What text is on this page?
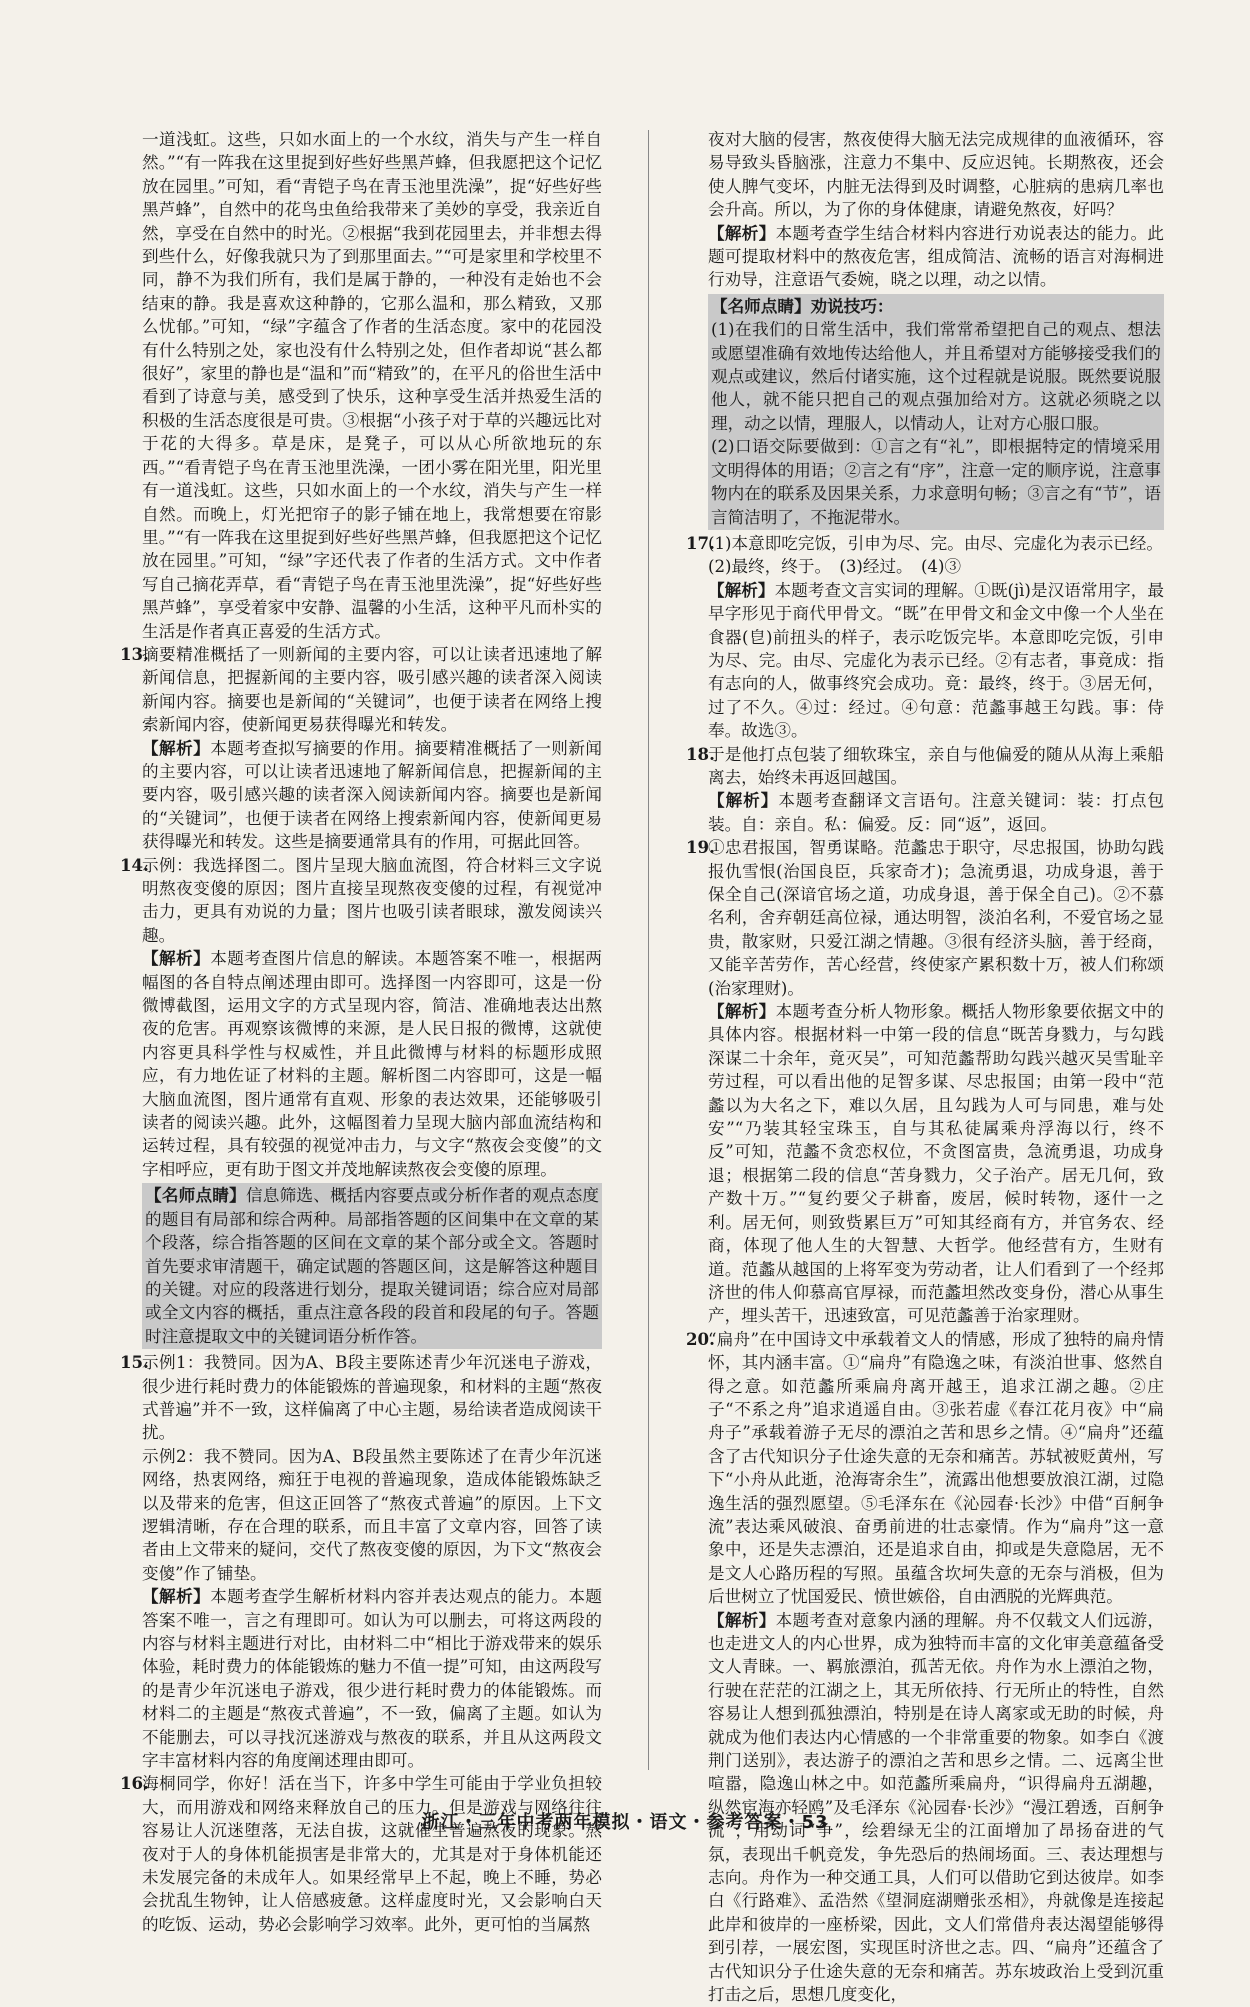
一道浅虹。这些，只如水面上的一个水纹，消失与产生一样自然。”“有一阵我在这里捉到好些好些黑芦蜂，但我愿把这个记忆放在园里。”可知，看“青铠子鸟在青玉池里洗澡”，捉“好些好些黑芦蜂”，自然中的花鸟虫鱼给我带来了美妙的享受，我亲近自然，享受在自然中的时光。②根据“我到花园里去，并非想去得到些什么，好像我就只为了到那里面去。”“可是家里和学校里不同，静不为我们所有，我们是属于静的，一种没有走始也不会结束的静。我是喜欢这种静的，它那么温和，那么精致，又那么忧郁。”可知，“绿”字蕴含了作者的生活态度。家中的花园没有什么特别之处，家也没有什么特别之处，但作者却说“甚么都很好”，家里的静也是“温和”而“精致”的，在平凡的俗世生活中看到了诗意与美，感受到了快乐，这种享受生活并热爱生活的积极的生活态度很是可贵。③根据“小孩子对于草的兴趣远比对于花的大得多。草是床，是凳子，可以从心所欲地玩的东西。”“看青铠子鸟在青玉池里洗澡，一团小雾在阳光里，阳光里有一道浅虹。这些，只如水面上的一个水纹，消失与产生一样自然。而晚上，灯光把帘子的影子铺在地上，我常想要在帘影里。”“有一阵我在这里捉到好些好些黑芦蜂，但我愿把这个记忆放在园里。”可知，“绿”字还代表了作者的生活方式。文中作者写自己摘花弄草，看“青铠子鸟在青玉池里洗澡”，捉“好些好些黑芦蜂”，享受着家中安静、温馨的小生活，这种平凡而朴实的生活是作者真正喜爱的生活方式。

13.

摘要精准概括了一则新闻的主要内容，可以让读者迅速地了解新闻信息，把握新闻的主要内容，吸引感兴趣的读者深入阅读新闻内容。摘要也是新闻的“关键词”，也便于读者在网络上搜索新闻内容，使新闻更易获得曝光和转发。

【解析】本题考查拟写摘要的作用。摘要精准概括了一则新闻的主要内容，可以让读者迅速地了解新闻信息，把握新闻的主要内容，吸引感兴趣的读者深入阅读新闻内容。摘要也是新闻的“关键词”，也便于读者在网络上搜索新闻内容，使新闻更易获得曝光和转发。这些是摘要通常具有的作用，可据此回答。

14.

示例：我选择图二。图片呈现大脑血流图，符合材料三文字说明熬夜变傻的原因；图片直接呈现熬夜变傻的过程，有视觉冲击力，更具有劝说的力量；图片也吸引读者眼球，激发阅读兴趣。

【解析】本题考查图片信息的解读。本题答案不唯一，根据两幅图的各自特点阐述理由即可。选择图一内容即可，这是一份微博截图，运用文字的方式呈现内容，简洁、准确地表达出熬夜的危害。再观察该微博的来源，是人民日报的微博，这就使内容更具科学性与权威性，并且此微博与材料的标题形成照应，有力地佐证了材料的主题。解析图二内容即可，这是一幅大脑血流图，图片通常有直观、形象的表达效果，还能够吸引读者的阅读兴趣。此外，这幅图着力呈现大脑内部血流结构和运转过程，具有较强的视觉冲击力，与文字“熬夜会变傻”的文字相呼应，更有助于图文并茂地解读熬夜会变傻的原理。

【名师点睛】信息筛选、概括内容要点或分析作者的观点态度的题目有局部和综合两种。局部指答题的区间集中在文章的某个段落，综合指答题的区间在文章的某个部分或全文。答题时首先要求审清题干，确定试题的答题区间，这是解答这种题目的关键。对应的段落进行划分，提取关键词语；综合应对局部或全文内容的概括，重点注意各段的段首和段尾的句子。答题时注意提取文中的关键词语分析作答。

15.

示例1：我赞同。因为A、B段主要陈述青少年沉迷电子游戏，很少进行耗时费力的体能锻炼的普遍现象，和材料的主题“熬夜式普遍”并不一致，这样偏离了中心主题，易给读者造成阅读干扰。

示例2：我不赞同。因为A、B段虽然主要陈述了在青少年沉迷网络，热衷网络，痴狂于电视的普遍现象，造成体能锻炼缺乏以及带来的危害，但这正回答了“熬夜式普遍”的原因。上下文逻辑清晰，存在合理的联系，而且丰富了文章内容，回答了读者由上文带来的疑问，交代了熬夜变傻的原因，为下文“熬夜会变傻”作了铺垫。

【解析】本题考查学生解析材料内容并表达观点的能力。本题答案不唯一，言之有理即可。如认为可以删去，可将这两段的内容与材料主题进行对比，由材料二中“相比于游戏带来的娱乐体验，耗时费力的体能锻炼的魅力不值一提”可知，由这两段写的是青少年沉迷电子游戏，很少进行耗时费力的体能锻炼。而材料二的主题是“熬夜式普遍”，不一致，偏离了主题。如认为不能删去，可以寻找沉迷游戏与熬夜的联系，并且从这两段文字丰富材料内容的角度阐述理由即可。

16.

海桐同学，你好！活在当下，许多中学生可能由于学业负担较大，而用游戏和网络来释放自己的压力。但是游戏与网络往往容易让人沉迷堕落，无法自拔，这就催生普遍熬夜的现象。熬夜对于人的身体机能损害是非常大的，尤其是对于身体机能还未发展完备的未成年人。如果经常早上不起，晚上不睡，势必会扰乱生物钟，让人倍感疲惫。这样虚度时光，又会影响白天的吃饭、运动，势必会影响学习效率。此外，更可怕的当属熬

夜对大脑的侵害，熬夜使得大脑无法完成规律的血液循环，容易导致头昏脑涨，注意力不集中、反应迟钝。长期熬夜，还会使人脾气变坏，内脏无法得到及时调整，心脏病的患病几率也会升高。所以，为了你的身体健康，请避免熬夜，好吗？

【解析】本题考查学生结合材料内容进行劝说表达的能力。此题可提取材料中的熬夜危害，组成简洁、流畅的语言对海桐进行劝导，注意语气委婉，晓之以理，动之以情。

【名师点睛】劝说技巧：

(1)在我们的日常生活中，我们常常希望把自己的观点、想法或愿望准确有效地传达给他人，并且希望对方能够接受我们的观点或建议，然后付诸实施，这个过程就是说服。既然要说服他人，就不能只把自己的观点强加给对方。这就必须晓之以理，动之以情，理服人，以情动人，让对方心服口服。

(2)口语交际要做到：①言之有“礼”，即根据特定的情境采用文明得体的用语；②言之有“序”，注意一定的顺序说，注意事物内在的联系及因果关系，力求意明句畅；③言之有“节”，语言简洁明了，不拖泥带水。

17.

(1)本意即吃完饭，引申为尽、完。由尽、完虚化为表示已经。

(2)最终，终于。　(3)经过。　(4)③

【解析】本题考查文言实词的理解。①既(jì)是汉语常用字，最早字形见于商代甲骨文。“既”在甲骨文和金文中像一个人坐在食器(皀)前扭头的样子，表示吃饭完毕。本意即吃完饭，引申为尽、完。由尽、完虚化为表示已经。②有志者，事竟成：指有志向的人，做事终究会成功。竟：最终，终于。③居无何，过了不久。④过：经过。④句意：范蠡事越王勾践。事：侍奉。故选③。

18.

于是他打点包装了细软珠宝，亲自与他偏爱的随从从海上乘船离去，始终未再返回越国。

【解析】本题考查翻译文言语句。注意关键词：装：打点包装。自：亲自。私：偏爱。反：同“返”，返回。

19.

①忠君报国，智勇谋略。范蠡忠于职守，尽忠报国，协助勾践报仇雪恨(治国良臣，兵家奇才)；急流勇退，功成身退，善于保全自己(深谙官场之道，功成身退，善于保全自己)。②不慕名利，舍弃朝廷高位禄，通达明智，淡泊名利，不爱官场之显贵，散家财，只爱江湖之情趣。③很有经济头脑，善于经商，又能辛苦劳作，苦心经营，终使家产累积数十万，被人们称颂(治家理财)。

【解析】本题考查分析人物形象。概括人物形象要依据文中的具体内容。根据材料一中第一段的信息“既苦身戮力，与勾践深谋二十余年，竟灭吴”，可知范蠡帮助勾践兴越灭吴雪耻辛劳过程，可以看出他的足智多谋、尽忠报国；由第一段中“范蠡以为大名之下，难以久居，且勾践为人可与同患，难与处安”“乃装其轻宝珠玉，自与其私徒属乘舟浮海以行，终不反”可知，范蠡不贪恋权位，不贪图富贵，急流勇退，功成身退；根据第二段的信息“苦身戮力，父子治产。居无几何，致产数十万。”“复约要父子耕畜，废居，候时转物，逐什一之利。居无何，则致赀累巨万”可知其经商有方，并官务农、经商，体现了他人生的大智慧、大哲学。他经营有方，生财有道。范蠡从越国的上将军变为劳动者，让人们看到了一个经邦济世的伟人仰慕高官厚禄，而范蠡坦然改变身份，潜心从事生产，埋头苦干，迅速致富，可见范蠡善于治家理财。

20.

“扁舟”在中国诗文中承载着文人的情感，形成了独特的扁舟情怀，其内涵丰富。①“扁舟”有隐逸之味，有淡泊世事、悠然自得之意。如范蠡所乘扁舟离开越王，追求江湖之趣。②庄子“不系之舟”追求逍遥自由。③张若虚《春江花月夜》中“扁舟子”承载着游子无尽的漂泊之苦和思乡之情。④“扁舟”还蕴含了古代知识分子仕途失意的无奈和痛苦。苏轼被贬黄州，写下“小舟从此逝，沧海寄余生”，流露出他想要放浪江湖，过隐逸生活的强烈愿望。⑤毛泽东在《沁园春·长沙》中借“百舸争流”表达乘风破浪、奋勇前进的壮志豪情。作为“扁舟”这一意象中，还是失志漂泊，还是追求自由，抑或是失意隐居，无不是文人心路历程的写照。虽蕴含坎坷失意的无奈与消极，但为后世树立了忧国爱民、愤世嫉俗，自由洒脱的光辉典范。

【解析】本题考查对意象内涵的理解。舟不仅载文人们远游，也走进文人的内心世界，成为独特而丰富的文化审美意蕴备受文人青睐。一、羁旅漂泊，孤苦无依。舟作为水上漂泊之物，行驶在茫茫的江湖之上，其无所依持、行无所止的特性，自然容易让人想到孤独漂泊，特别是在诗人离家或无助的时候，舟就成为他们表达内心情感的一个非常重要的物象。如李白《渡荆门送别》，表达游子的漂泊之苦和思乡之情。二、远离尘世喧嚣，隐逸山林之中。如范蠡所乘扁舟，“识得扁舟五湖趣，纵然宦海亦轻鸥”及毛泽东《沁园春·长沙》“漫江碧透，百舸争流”，用动词“争”，绘碧绿无尘的江面增加了昂扬奋进的气氛，表现出千帆竞发，争先恐后的热闹场面。三、表达理想与志向。舟作为一种交通工具，人们可以借助它到达彼岸。如李白《行路难》、孟浩然《望洞庭湖赠张丞相》，舟就像是连接起此岸和彼岸的一座桥梁，因此，文人们常借舟表达渴望能够得到引荐，一展宏图，实现匡时济世之志。四、“扁舟”还蕴含了古代知识分子仕途失意的无奈和痛苦。苏东坡政治上受到沉重打击之后，思想几度变化，

浙江・三年中考两年模拟・语文・参考答案・53
